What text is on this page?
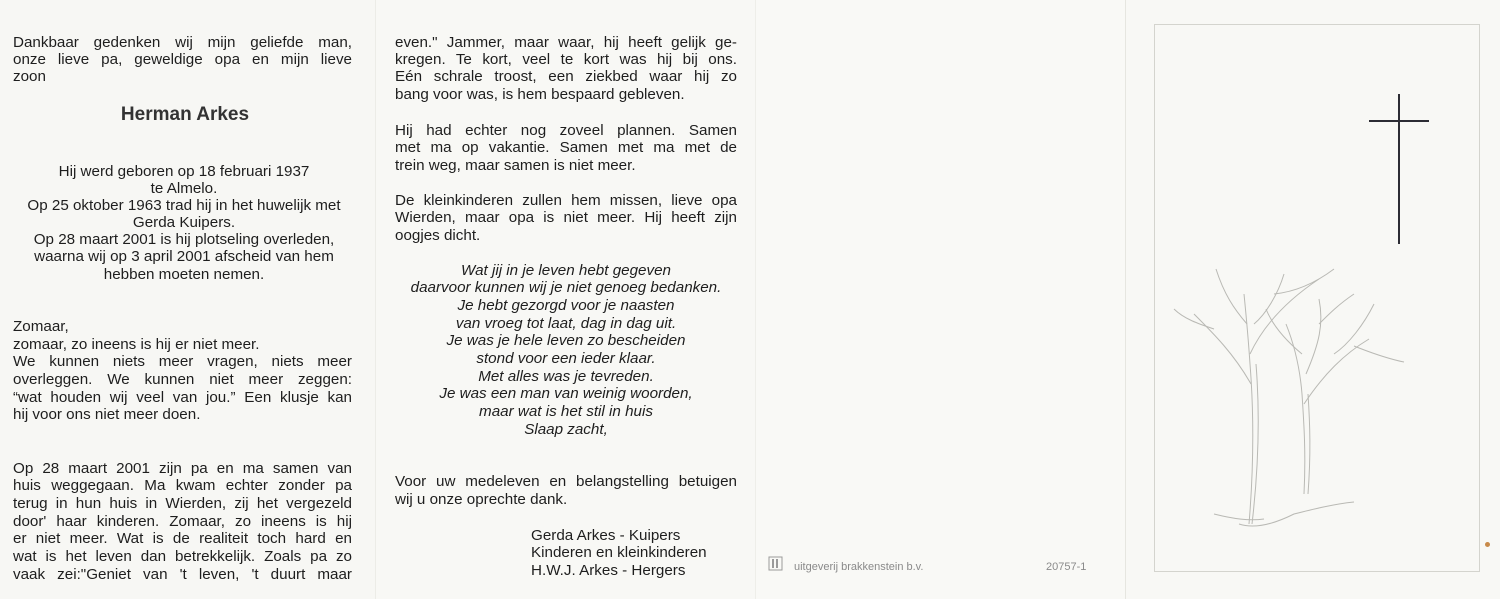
Dankbaar gedenken wij mijn geliefde man,
onze lieve pa, geweldige opa en mijn lieve
zoon
Herman Arkes
Hij werd geboren op 18 februari 1937
te Almelo.
Op 25 oktober 1963 trad hij in het huwelijk met
Gerda Kuipers.
Op 28 maart 2001 is hij plotseling overleden,
waarna wij op 3 april 2001 afscheid van hem
hebben moeten nemen.
Zomaar,
zomaar, zo ineens is hij er niet meer.
We kunnen niets meer vragen, niets meer
overleggen. We kunnen niet meer zeggen:
“wat houden wij veel van jou.” Een klusje kan
hij voor ons niet meer doen.
Op 28 maart 2001 zijn pa en ma samen van
huis weggegaan. Ma kwam echter zonder pa
terug in hun huis in Wierden, zij het vergezeld
door' haar kinderen. Zomaar, zo ineens is hij
er niet meer. Wat is de realiteit toch hard en
wat is het leven dan betrekkelijk. Zoals pa zo
vaak zei:"Geniet van 't leven, 't duurt maar
even." Jammer, maar waar, hij heeft gelijk ge-
kregen. Te kort, veel te kort was hij bij ons.
Eén schrale troost, een ziekbed waar hij zo
bang voor was, is hem bespaard gebleven.
Hij had echter nog zoveel plannen. Samen
met ma op vakantie. Samen met ma met de
trein weg, maar samen is niet meer.
De kleinkinderen zullen hem missen, lieve opa
Wierden, maar opa is niet meer. Hij heeft zijn
oogjes dicht.
Wat jij in je leven hebt gegeven
daarvoor kunnen wij je niet genoeg bedanken.
Je hebt gezorgd voor je naasten
van vroeg tot laat, dag in dag uit.
Je was je hele leven zo bescheiden
stond voor een ieder klaar.
Met alles was je tevreden.
Je was een man van weinig woorden,
maar wat is het stil in huis
Slaap zacht,
Voor uw medeleven en belangstelling betuigen
wij u onze oprechte dank.
Gerda Arkes - Kuipers
Kinderen en kleinkinderen
H.W.J. Arkes - Hergers	uitgeverij brakkenstein b.v.	20757-1
